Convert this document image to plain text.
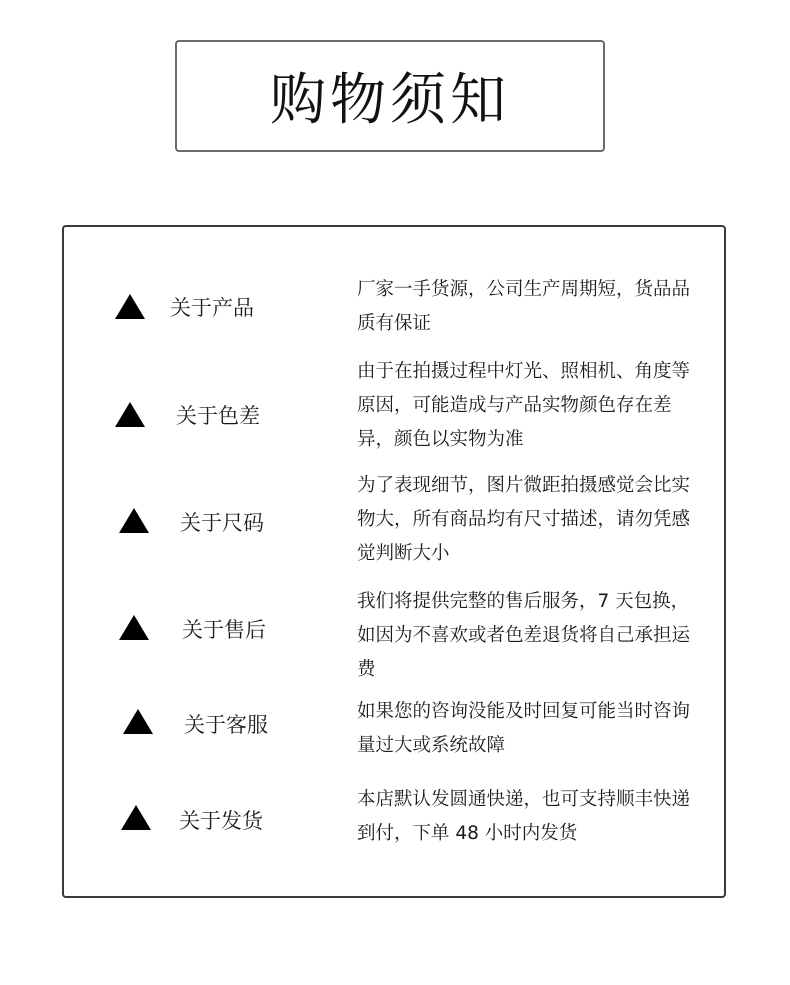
购物须知
关于产品
厂家一手货源，公司生产周期短，货品品质有保证
关于色差
由于在拍摄过程中灯光、照相机、角度等原因，可能造成与产品实物颜色存在差异，颜色以实物为准
关于尺码
为了表现细节，图片微距拍摄感觉会比实物大，所有商品均有尺寸描述，请勿凭感觉判断大小
关于售后
我们将提供完整的售后服务，7 天包换，如因为不喜欢或者色差退货将自己承担运费
关于客服
如果您的咨询没能及时回复可能当时咨询量过大或系统故障
关于发货
本店默认发圆通快递，也可支持顺丰快递到付，下单 48 小时内发货
